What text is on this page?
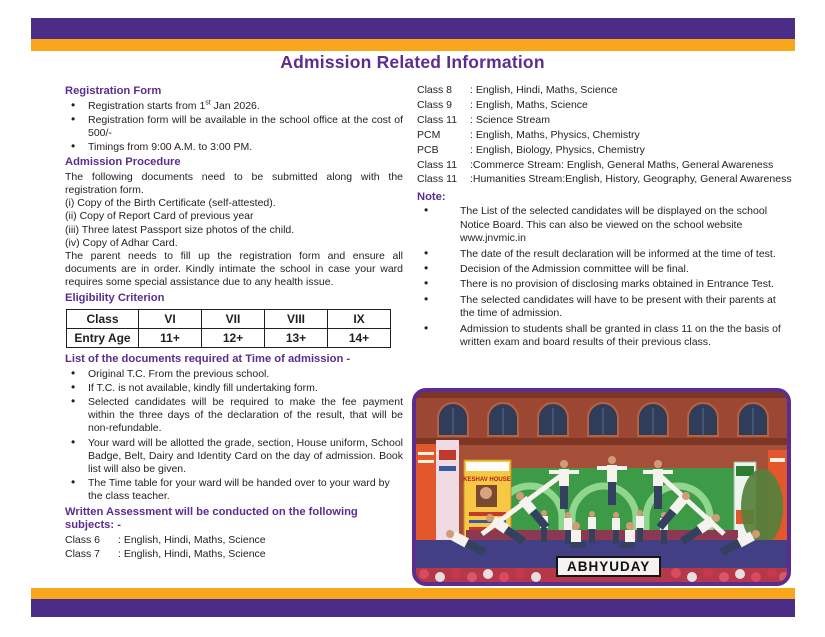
Admission Related Information
Registration Form
• Registration starts from 1st Jan 2026.
• Registration form will be available in the school office at the cost of 500/-
• Timings from 9:00 A.M. to 3:00 PM.
Admission Procedure

The following documents need to be submitted along with the registration form.

(i) Copy of the Birth Certificate (self-attested).

(ii) Copy of Report Card of previous year

(iii) Three latest Passport size photos of the child.

(iv) Copy of Adhar Card.

The parent needs to fill up the registration form and ensure all documents are in order. Kindly intimate the school in case your ward requires some special assistance due to any health issue.

Eligibility Criterion
Class	VI	VII	VIII	IX
Entry Age	11+	12+	13+	14+
List of the documents required at Time of admission -
• Original T.C. From the previous school.
• If T.C. is not available, kindly fill undertaking form.
• Selected candidates will be required to make the fee payment within the three days of the declaration of the result, that will be non-refundable.
• Your ward will be allotted the grade, section, House uniform, School Badge, Belt, Dairy and Identity Card on the day of admission. Book list will also be given.
• The Time table for your ward will be handed over to your ward by the class teacher.
Written Assessment will be conducted on the following subjects: -
Class 6	: English, Hindi, Maths, Science
Class 7	: English, Hindi, Maths, Science
Class 8	: English, Hindi, Maths, Science
Class 9	: English, Maths, Science
Class 11	: Science Stream
PCM	: English, Maths, Physics, Chemistry
PCB	: English, Biology, Physics, Chemistry
Class 11	:Commerce Stream: English, General Maths, General Awareness
Class 11	:Humanities Stream:English, History, Geography, General Awareness
Note:
• The List of the selected candidates will be displayed on the school Notice Board. This can also be viewed on the school website www.jnvmic.in
• The date of the result declaration will be informed at the time of test.
• Decision of the Admission committee will be final.
• There is no provision of disclosing marks obtained in Entrance Test.
• The selected candidates will have to be present with their parents at the time of admission.
• Admission to students shall be granted in class 11 on the the basis of written exam and board results of their previous class.
KESHAV HOUSE
ABHYUDAY
